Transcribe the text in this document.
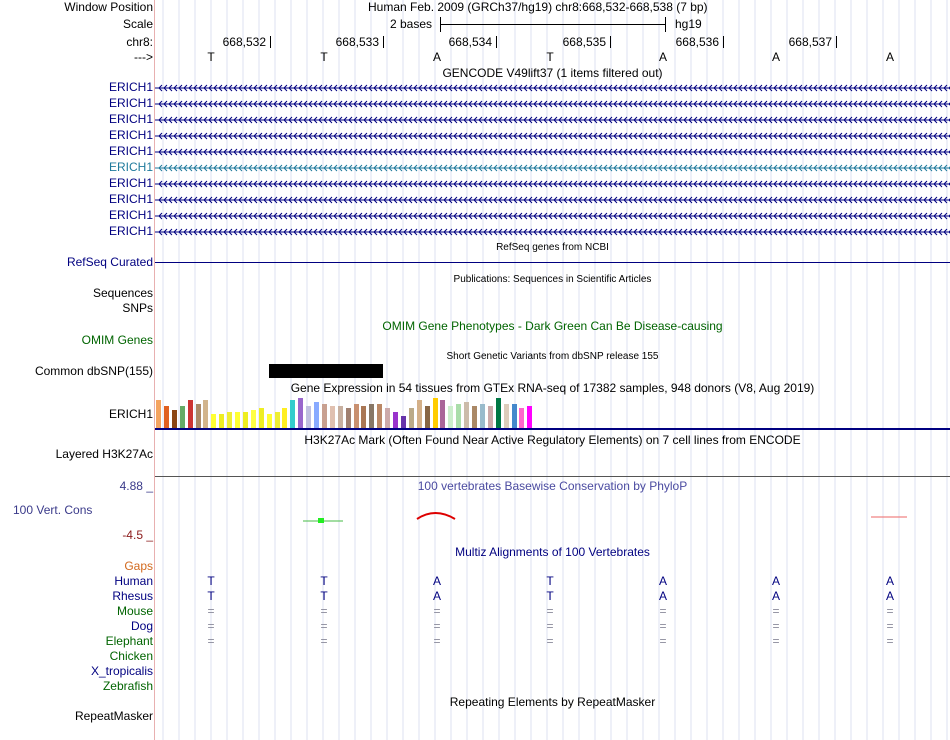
Window Position	Human Feb. 2009 (GRCh37/hg19) chr8:668,532-668,538 (7 bp)
Scale	2 bases	hg19
chr8:	668,532	668,533	668,534	668,535	668,536	668,537
--->	T	T	A	T	A	A	A
GENCODE V49lift37 (1 items filtered out)
ERICH1
ERICH1
ERICH1
ERICH1
ERICH1
ERICH1
ERICH1
ERICH1
ERICH1
ERICH1
RefSeq genes from NCBI
RefSeq Curated
Publications: Sequences in Scientific Articles
Sequences
SNPs
OMIM Gene Phenotypes - Dark Green Can Be Disease-causing
OMIM Genes
Short Genetic Variants from dbSNP release 155
Common dbSNP(155)
Gene Expression in 54 tissues from GTEx RNA-seq of 17382 samples, 948 donors (V8, Aug 2019)
ERICH1
H3K27Ac Mark (Often Found Near Active Regulatory Elements) on 7 cell lines from ENCODE
Layered H3K27Ac
100 vertebrates Basewise Conservation by PhyloP
4.88 _
100 Vert. Cons
-4.5 _
Multiz Alignments of 100 Vertebrates
Gaps
Human	T	T	A	T	A	A	A
Rhesus	T	T	A	T	A	A	A
Mouse	=	=	=	=	=	=	=
Dog	=	=	=	=	=	=	=
Elephant	=	=	=	=	=	=	=
Chicken
X_tropicalis
Zebrafish
Repeating Elements by RepeatMasker
RepeatMasker
